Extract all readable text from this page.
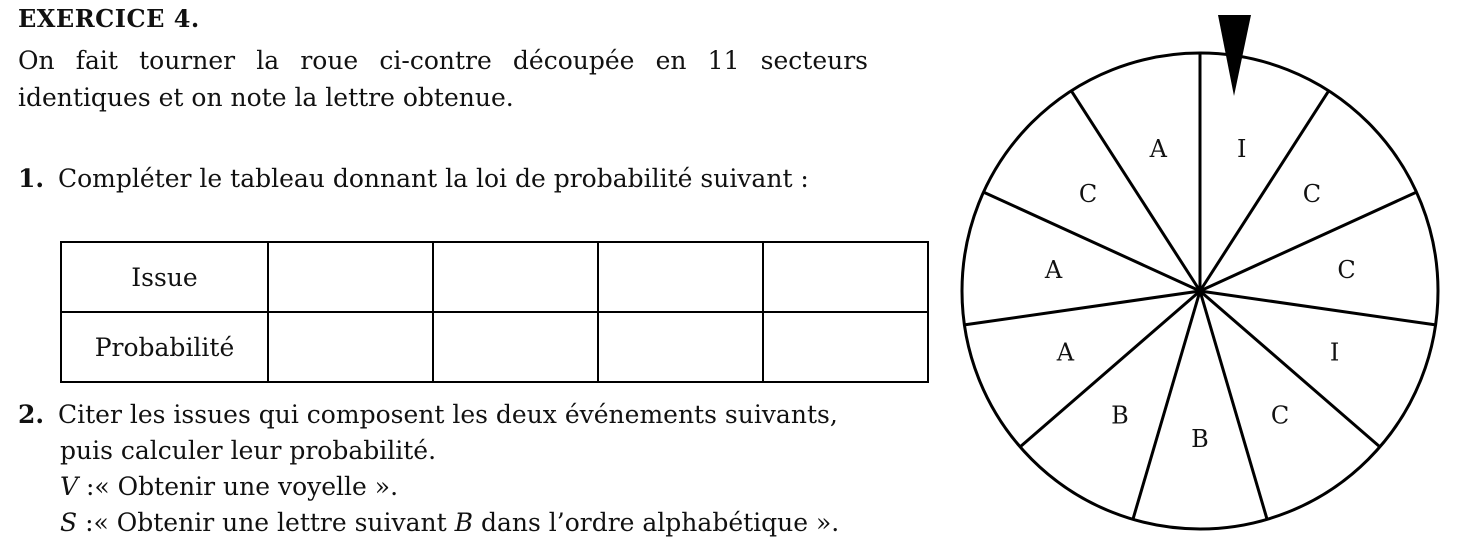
EXERCICE 4.
On fait tourner la roue ci-contre découpée en 11 secteurs identiques et on note la lettre obtenue.
1. Compléter le tableau donnant la loi de probabilité suivant :
Issue				
Probabilité				
2. Citer les issues qui composent les deux événements suivants,
puis calculer leur probabilité.
V :« Obtenir une voyelle ».
S :« Obtenir une lettre suivant B dans l’ordre alphabétique ».
I
C
C
I
C
B
B
A
A
C
A
